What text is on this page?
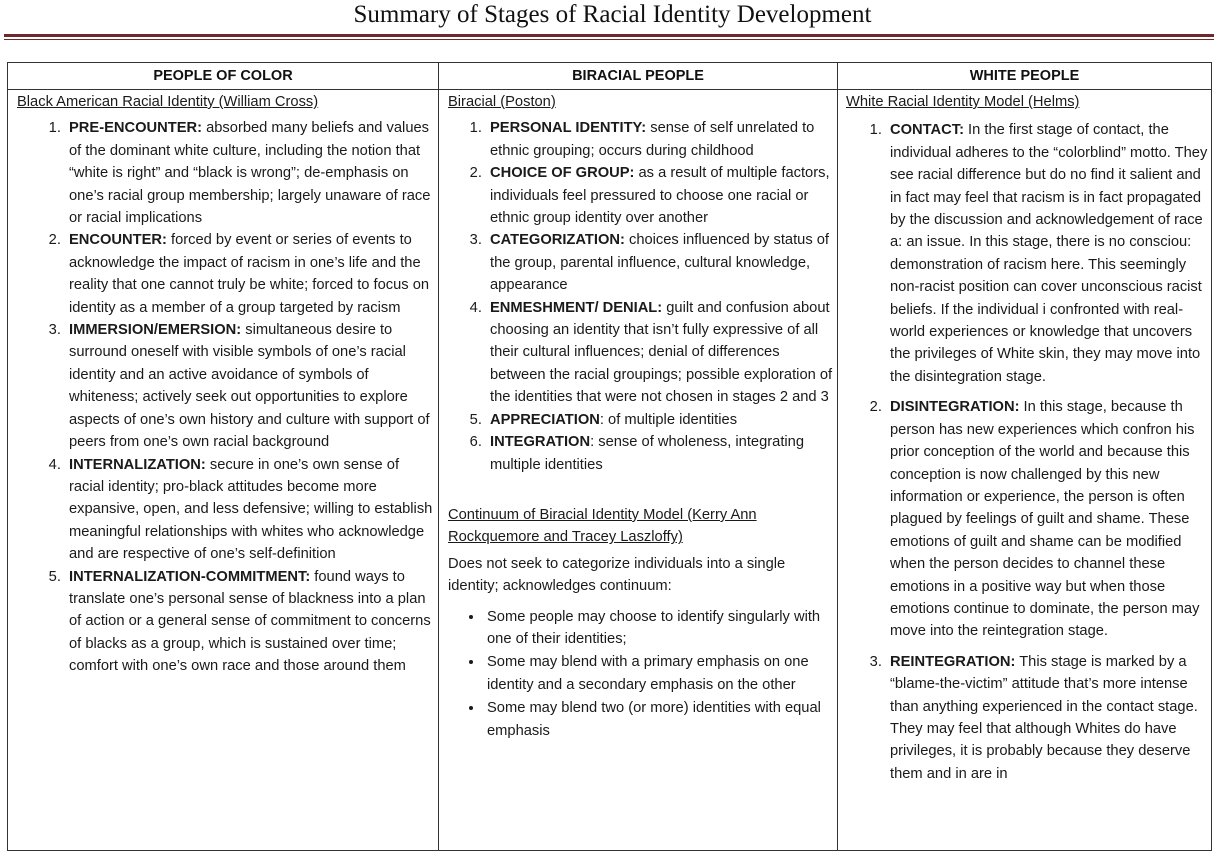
Summary of Stages of Racial Identity Development
PEOPLE OF COLOR	BIRACIAL PEOPLE	WHITE PEOPLE
Black American Racial Identity (William Cross)
1. PRE-ENCOUNTER: absorbed many beliefs and values of the dominant white culture, including the notion that “white is right” and “black is wrong”; de-emphasis on one’s racial group membership; largely unaware of race or racial implications
2. ENCOUNTER: forced by event or series of events to acknowledge the impact of racism in one’s life and the reality that one cannot truly be white; forced to focus on identity as a member of a group targeted by racism
3. IMMERSION/EMERSION: simultaneous desire to surround oneself with visible symbols of one’s racial identity and an active avoidance of symbols of whiteness; actively seek out opportunities to explore aspects of one’s own history and culture with support of peers from one’s own racial background
4. INTERNALIZATION: secure in one’s own sense of racial identity; pro-black attitudes become more expansive, open, and less defensive; willing to establish meaningful relationships with whites who acknowledge and are respective of one’s self-definition
5. INTERNALIZATION-COMMITMENT: found ways to translate one’s personal sense of blackness into a plan of action or a general sense of commitment to concerns of blacks as a group, which is sustained over time; comfort with one’s own race and those around them
Biracial (Poston)
1. PERSONAL IDENTITY: sense of self unrelated to ethnic grouping; occurs during childhood
2. CHOICE OF GROUP: as a result of multiple factors, individuals feel pressured to choose one racial or ethnic group identity over another
3. CATEGORIZATION: choices influenced by status of the group, parental influence, cultural knowledge, appearance
4. ENMESHMENT/ DENIAL: guilt and confusion about choosing an identity that isn’t fully expressive of all their cultural influences; denial of differences between the racial groupings; possible exploration of the identities that were not chosen in stages 2 and 3
5. APPRECIATION: of multiple identities
6. INTEGRATION: sense of wholeness, integrating multiple identities
Continuum of Biracial Identity Model (Kerry Ann Rockquemore and Tracey Laszloffy)
Does not seek to categorize individuals into a single identity; acknowledges continuum:
• Some people may choose to identify singularly with one of their identities;
• Some may blend with a primary emphasis on one identity and a secondary emphasis on the other
• Some may blend two (or more) identities with equal emphasis
White Racial Identity Model (Helms)
1. CONTACT: In the first stage of contact, the individual adheres to the “colorblind” motto. They see racial difference but do no find it salient and in fact may feel that racism is in fact propagated by the discussion and acknowledgement of race a: an issue. In this stage, there is no consciou: demonstration of racism here. This seemingly non-racist position can cover unconscious racist beliefs. If the individual i confronted with real-world experiences or knowledge that uncovers the privileges of White skin, they may move into the disintegration stage.
2. DISINTEGRATION: In this stage, because th person has new experiences which confron his prior conception of the world and because this conception is now challenged by this new information or experience, the person is often plagued by feelings of guilt and shame. These emotions of guilt and shame can be modified when the person decides to channel these emotions in a positive way but when those emotions continue to dominate, the person may move into the reintegration stage.
3. REINTEGRATION: This stage is marked by a “blame-the-victim” attitude that’s more intense than anything experienced in the contact stage. They may feel that although Whites do have privileges, it is probably because they deserve them and in are in
